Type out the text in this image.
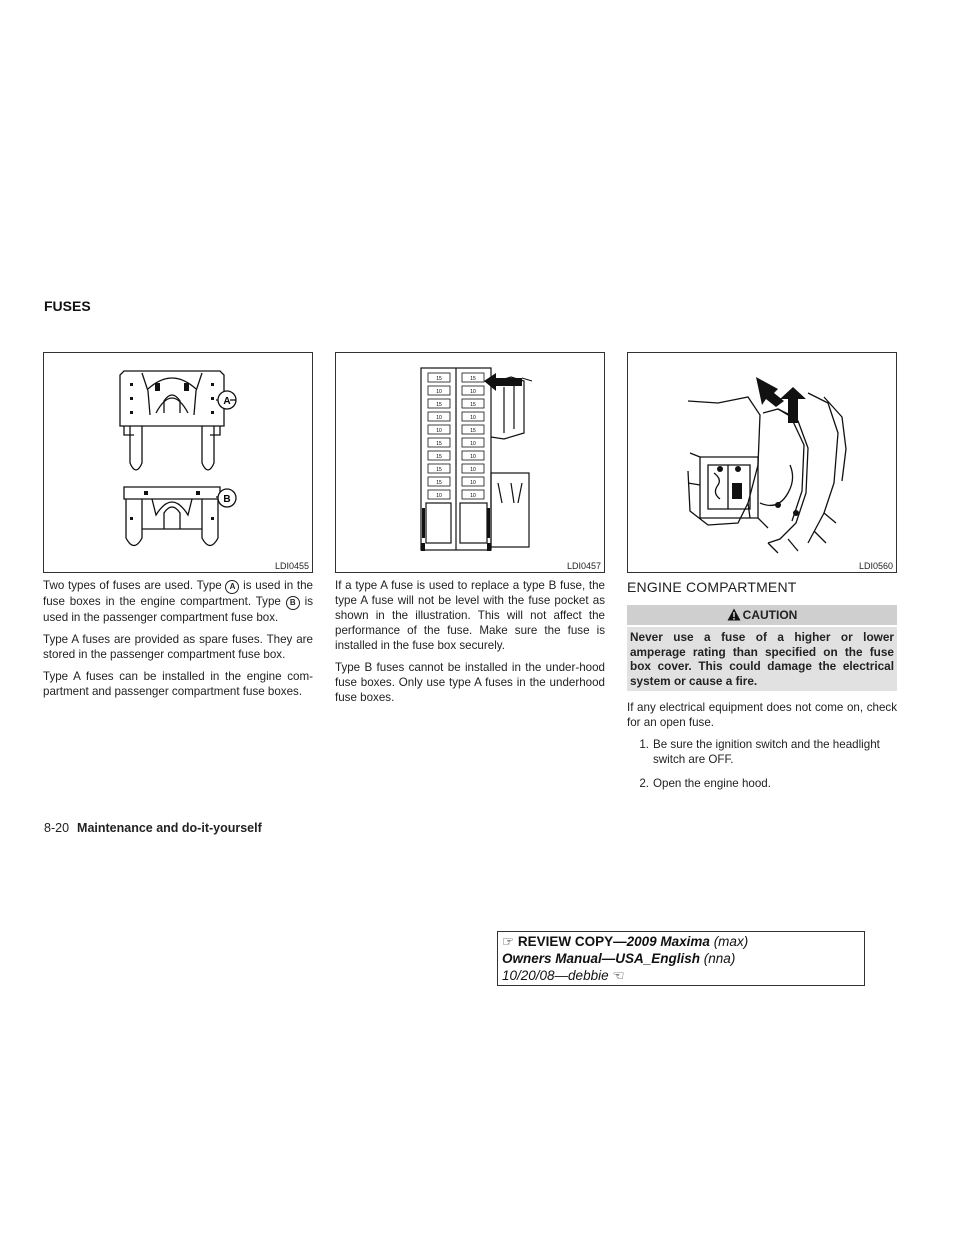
FUSES
A
B
LDI0455
15
10
15
10
10
15
15
15
15
10
15
10
15
10
15
10
10
10
10
10
LDI0457	LDI0560

Two types of fuses are used. Type A is used in the fuse boxes in the engine compartment. Type B is used in the passenger compartment fuse box.

Type A fuses are provided as spare fuses. They are stored in the passenger compartment fuse box.

Type A fuses can be installed in the engine com-partment and passenger compartment fuse boxes.

If a type A fuse is used to replace a type B fuse, the type A fuse will not be level with the fuse pocket as shown in the illustration. This will not affect the performance of the fuse. Make sure the fuse is installed in the fuse box securely.

Type B fuses cannot be installed in the under-hood fuse boxes. Only use type A fuses in the underhood fuse boxes.

ENGINE COMPARTMENT
CAUTION
Never use a fuse of a higher or lower amperage rating than specified on the fuse box cover. This could damage the electrical system or cause a fire.

If any electrical equipment does not come on, check for an open fuse.

1. Be sure the ignition switch and the headlight switch are OFF.
2. Open the engine hood.
8-20 Maintenance and do-it-yourself
☞ REVIEW COPY—2009 Maxima (max)
Owners Manual—USA_English (nna)
10/20/08—debbie ☜
